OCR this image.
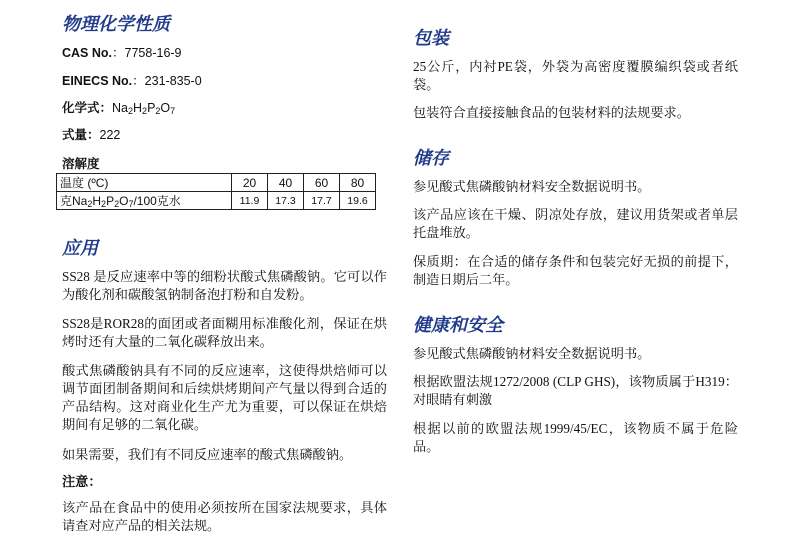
物理化学性质

CAS No.：7758-16-9

EINECS No.：231-835-0

化学式：$Na_2H_2P_2O_7$

式量：222

溶解度

温度 (ºC)	20	40	60	80
克$Na_2H_2P_2O_7/100$克水	11.9	17.3	17.7	19.6
应用

SS28 是反应速率中等的细粉状酸式焦磷酸钠。它可以作为酸化剂和碳酸氢钠制备泡打粉和自发粉。

SS28是ROR28的面团或者面糊用标准酸化剂，保证在烘烤时还有大量的二氧化碳释放出来。

酸式焦磷酸钠具有不同的反应速率，这使得烘焙师可以调节面团制备期间和后续烘烤期间产气量以得到合适的产品结构。这对商业化生产尤为重要，可以保证在烘焙期间有足够的二氧化碳。

如果需要，我们有不同反应速率的酸式焦磷酸钠。

注意：

该产品在食品中的使用必须按所在国家法规要求，具体请查对应产品的相关法规。

包装

25公斤，内衬PE袋，外袋为高密度覆膜编织袋或者纸袋。

包装符合直接接触食品的包装材料的法规要求。

储存

参见酸式焦磷酸钠材料安全数据说明书。

该产品应该在干燥、阴凉处存放，建议用货架或者单层托盘堆放。

保质期：在合适的储存条件和包装完好无损的前提下，制造日期后二年。

健康和安全

参见酸式焦磷酸钠材料安全数据说明书。

根据欧盟法规1272/2008 (CLP GHS)，该物质属于H319：对眼睛有刺激

根据以前的欧盟法规1999/45/EC，该物质不属于危险品。
